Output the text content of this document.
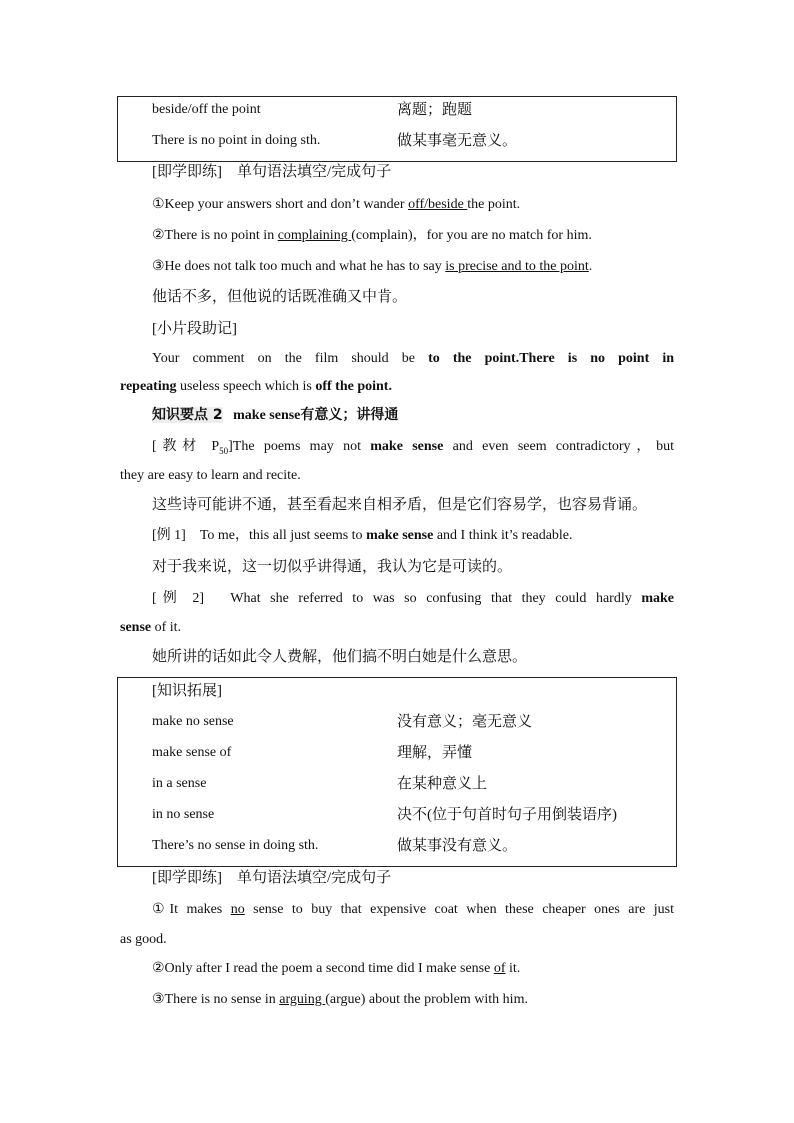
beside/off the point	离题；跑题
There is no point in doing sth.	做某事毫无意义。
[即学即练]　单句语法填空/完成句子
①Keep your answers short and don’t wander off/beside the point.
②There is no point in complaining (complain)，for you are no match for him.
③He does not talk too much and what he has to say is precise and to the point.
他话不多，但他说的话既准确又中肯。
[小片段助记]
Your comment on the film should be to the point.There is no point in
repeating useless speech which is off the point.
知识要点 2 make sense有意义；讲得通
[教材 $P_{50}]The$ poems may not make sense and even seem contradictory，but
they are easy to learn and recite.
这些诗可能讲不通，甚至看起来自相矛盾，但是它们容易学，也容易背诵。
[例 1]　To me，this all just seems to make sense and I think it’s readable.
对于我来说，这一切似乎讲得通，我认为它是可读的。
[例 2]　What she referred to was so confusing that they could hardly make
sense of it.
她所讲的话如此令人费解，他们搞不明白她是什么意思。
[知识拓展]
make no sense	没有意义；毫无意义
make sense of	理解，弄懂
in a sense	在某种意义上
in no sense	决不(位于句首时句子用倒装语序)
There’s no sense in doing sth.	做某事没有意义。
[即学即练]　单句语法填空/完成句子
①It makes no sense to buy that expensive coat when these cheaper ones are just
as good.
②Only after I read the poem a second time did I make sense of it.
③There is no sense in arguing (argue) about the problem with him.
